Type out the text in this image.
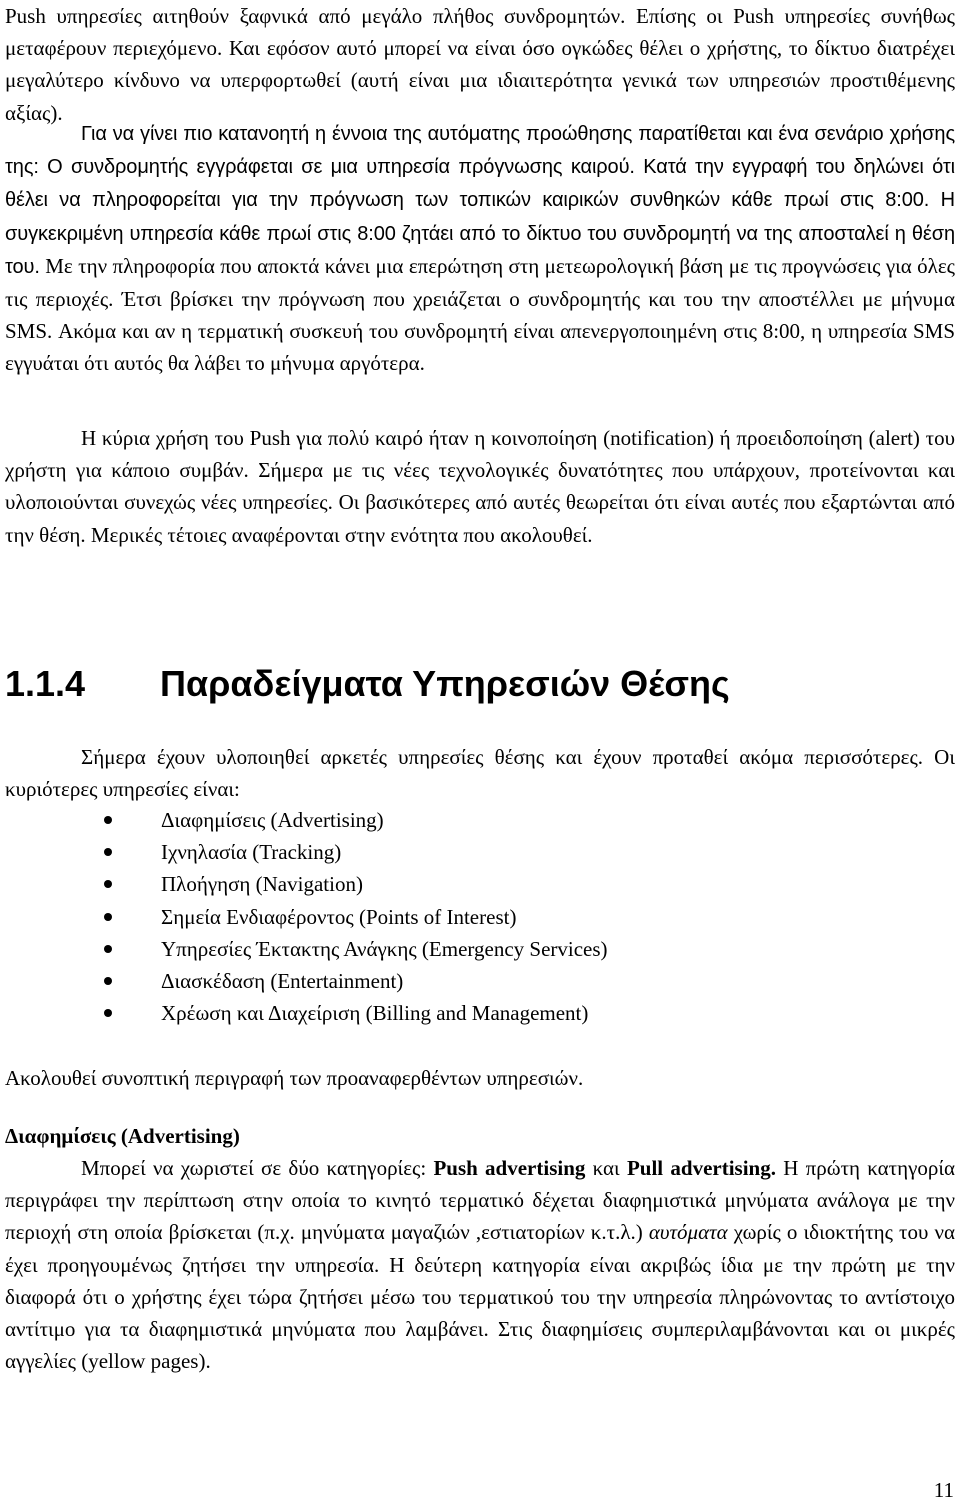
Push υπηρεσίες αιτηθούν ξαφνικά από μεγάλο πλήθος συνδρομητών. Επίσης οι Push υπηρεσίες συνήθως μεταφέρουν περιεχόμενο. Και εφόσον αυτό μπορεί να είναι όσο ογκώδες θέλει ο χρήστης, το δίκτυο διατρέχει μεγαλύτερο κίνδυνο να υπερφορτωθεί (αυτή είναι μια ιδιαιτερότητα γενικά των υπηρεσιών προστιθέμενης αξίας).

Για να γίνει πιο κατανοητή η έννοια της αυτόματης προώθησης παρατίθεται και ένα σενάριο χρήσης της: Ο συνδρομητής εγγράφεται σε μια υπηρεσία πρόγνωσης καιρού. Κατά την εγγραφή του δηλώνει ότι θέλει να πληροφορείται για την πρόγνωση των τοπικών καιρικών συνθηκών κάθε πρωί στις 8:00. Η συγκεκριμένη υπηρεσία κάθε πρωί στις 8:00 ζητάει από το δίκτυο του συνδρομητή να της αποσταλεί η θέση του. Με την πληροφορία που αποκτά κάνει μια επερώτηση στη μετεωρολογική βάση με τις προγνώσεις για όλες τις περιοχές. Έτσι βρίσκει την πρόγνωση που χρειάζεται ο συνδρομητής και του την αποστέλλει με μήνυμα SMS. Ακόμα και αν η τερματική συσκευή του συνδρομητή είναι απενεργοποιημένη στις 8:00, η υπηρεσία SMS εγγυάται ότι αυτός θα λάβει το μήνυμα αργότερα.

Η κύρια χρήση του Push για πολύ καιρό ήταν η κοινοποίηση (notification) ή προειδοποίηση (alert) του χρήστη για κάποιο συμβάν. Σήμερα με τις νέες τεχνολογικές δυνατότητες που υπάρχουν, προτείνονται και υλοποιούνται συνεχώς νέες υπηρεσίες. Οι βασικότερες από αυτές θεωρείται ότι είναι αυτές που εξαρτώνται από την θέση. Μερικές τέτοιες αναφέρονται στην ενότητα που ακολουθεί.

1.1.4 Παραδείγματα Υπηρεσιών Θέσης

Σήμερα έχουν υλοποιηθεί αρκετές υπηρεσίες θέσης και έχουν προταθεί ακόμα περισσότερες. Οι κυριότερες υπηρεσίες είναι:

Διαφημίσεις (Advertising)
Ιχνηλασία (Tracking)
Πλοήγηση (Navigation)
Σημεία Ενδιαφέροντος (Points of Interest)
Υπηρεσίες Έκτακτης Ανάγκης (Emergency Services)
Διασκέδαση (Entertainment)
Χρέωση και Διαχείριση (Billing and Management)

Ακολουθεί συνοπτική περιγραφή των προαναφερθέντων υπηρεσιών.

Διαφημίσεις (Advertising)

Μπορεί να χωριστεί σε δύο κατηγορίες: Push advertising και Pull advertising. Η πρώτη κατηγορία περιγράφει την περίπτωση στην οποία το κινητό τερματικό δέχεται διαφημιστικά μηνύματα ανάλογα με την περιοχή στη οποία βρίσκεται (π.χ. μηνύματα μαγαζιών ,εστιατορίων κ.τ.λ.) αυτόματα χωρίς ο ιδιοκτήτης του να έχει προηγουμένως ζητήσει την υπηρεσία. Η δεύτερη κατηγορία είναι ακριβώς ίδια με την πρώτη με την διαφορά ότι ο χρήστης έχει τώρα ζητήσει μέσω του τερματικού του την υπηρεσία πληρώνοντας το αντίστοιχο αντίτιμο για τα διαφημιστικά μηνύματα που λαμβάνει. Στις διαφημίσεις συμπεριλαμβάνονται και οι μικρές αγγελίες (yellow pages).

11
